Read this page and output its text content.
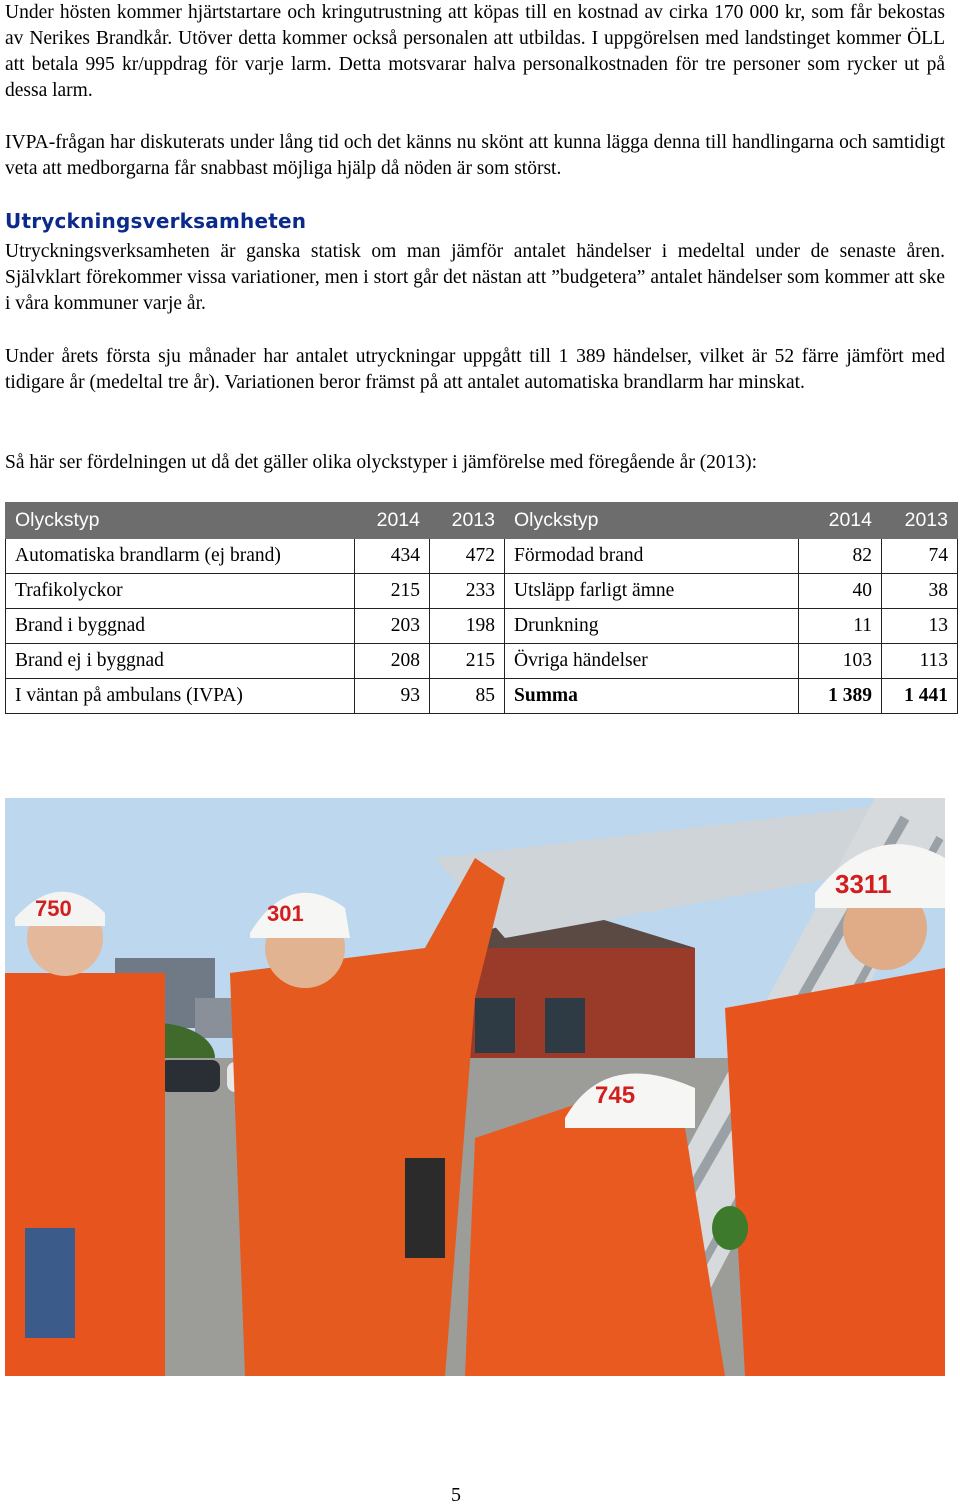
Under hösten kommer hjärtstartare och kringutrustning att köpas till en kostnad av cirka 170 000 kr, som får bekostas av Nerikes Brandkår. Utöver detta kommer också personalen att utbildas. I uppgörelsen med landstinget kommer ÖLL att betala 995 kr/uppdrag för varje larm. Detta motsvarar halva personalkostnaden för tre personer som rycker ut på dessa larm.

IVPA-frågan har diskuterats under lång tid och det känns nu skönt att kunna lägga denna till handlingarna och samtidigt veta att medborgarna får snabbast möjliga hjälp då nöden är som störst.

Utryckningsverksamheten

Utryckningsverksamheten är ganska statisk om man jämför antalet händelser i medeltal under de senaste åren. Självklart förekommer vissa variationer, men i stort går det nästan att ”budgetera” antalet händelser som kommer att ske i våra kommuner varje år.

Under årets första sju månader har antalet utryckningar uppgått till 1 389 händelser, vilket är 52 färre jämfört med tidigare år (medeltal tre år). Variationen beror främst på att antalet automatiska brandlarm har minskat.

Så här ser fördelningen ut då det gäller olika olyckstyper i jämförelse med föregående år (2013):

Olyckstyp	2014	2013	Olyckstyp	2014	2013
Automatiska brandlarm (ej brand)	434	472	Förmodad brand	82	74
Trafikolyckor	215	233	Utsläpp farligt ämne	40	38
Brand i byggnad	203	198	Drunkning	11	13
Brand ej i byggnad	208	215	Övriga händelser	103	113
I väntan på ambulans (IVPA)	93	85	Summa	1 389	1 441
750	301
745
3311
5
